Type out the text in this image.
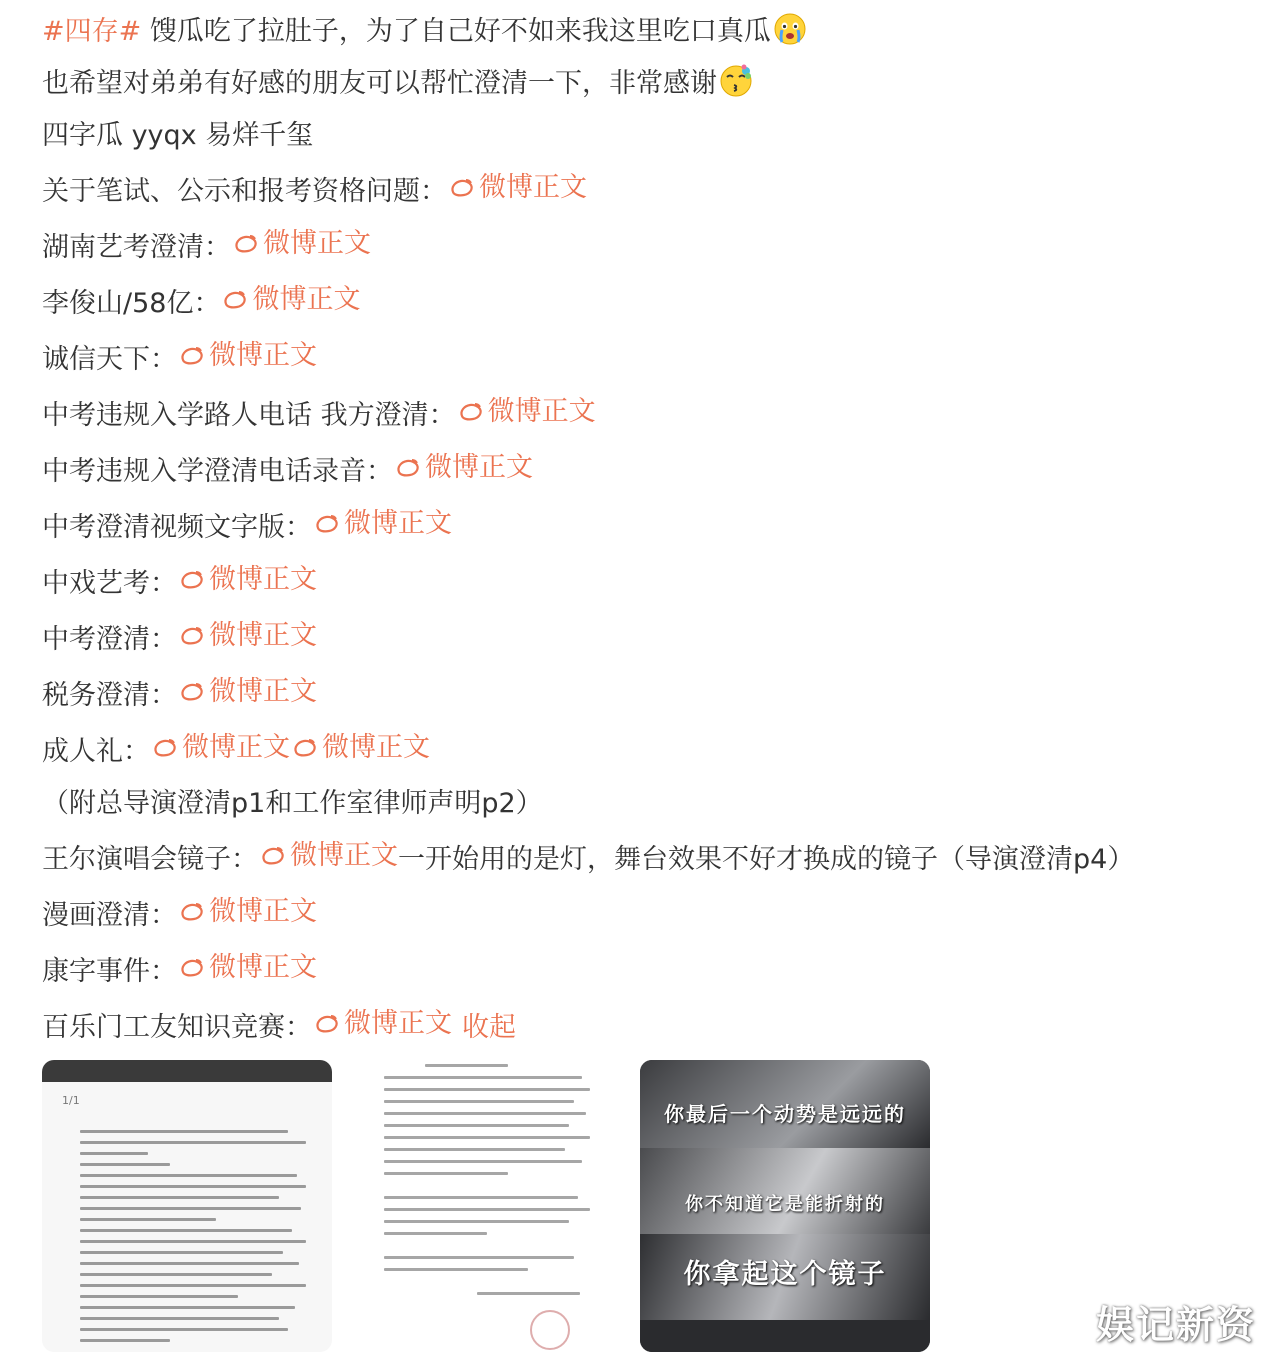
#四存# 馊瓜吃了拉肚子，为了自己好不如来我这里吃口真瓜
也希望对弟弟有好感的朋友可以帮忙澄清一下，非常感谢
四字瓜 yyqx 易烊千玺
关于笔试、公示和报考资格问题： 微博正文
湖南艺考澄清： 微博正文
李俊山/58亿： 微博正文
诚信天下： 微博正文
中考违规入学路人电话 我方澄清： 微博正文
中考违规入学澄清电话录音： 微博正文
中考澄清视频文字版： 微博正文
中戏艺考： 微博正文
中考澄清： 微博正文
税务澄清： 微博正文
成人礼： 微博正文 微博正文
（附总导演澄清p1和工作室律师声明p2）
王尔演唱会镜子： 微博正文 一开始用的是灯，舞台效果不好才换成的镜子（导演澄清p4）
漫画澄清： 微博正文
康字事件： 微博正文
百乐门工友知识竞赛： 微博正文 收起
1/1
你最后一个动势是远远的
你不知道它是能折射的
你拿起这个镜子
娱记新资
